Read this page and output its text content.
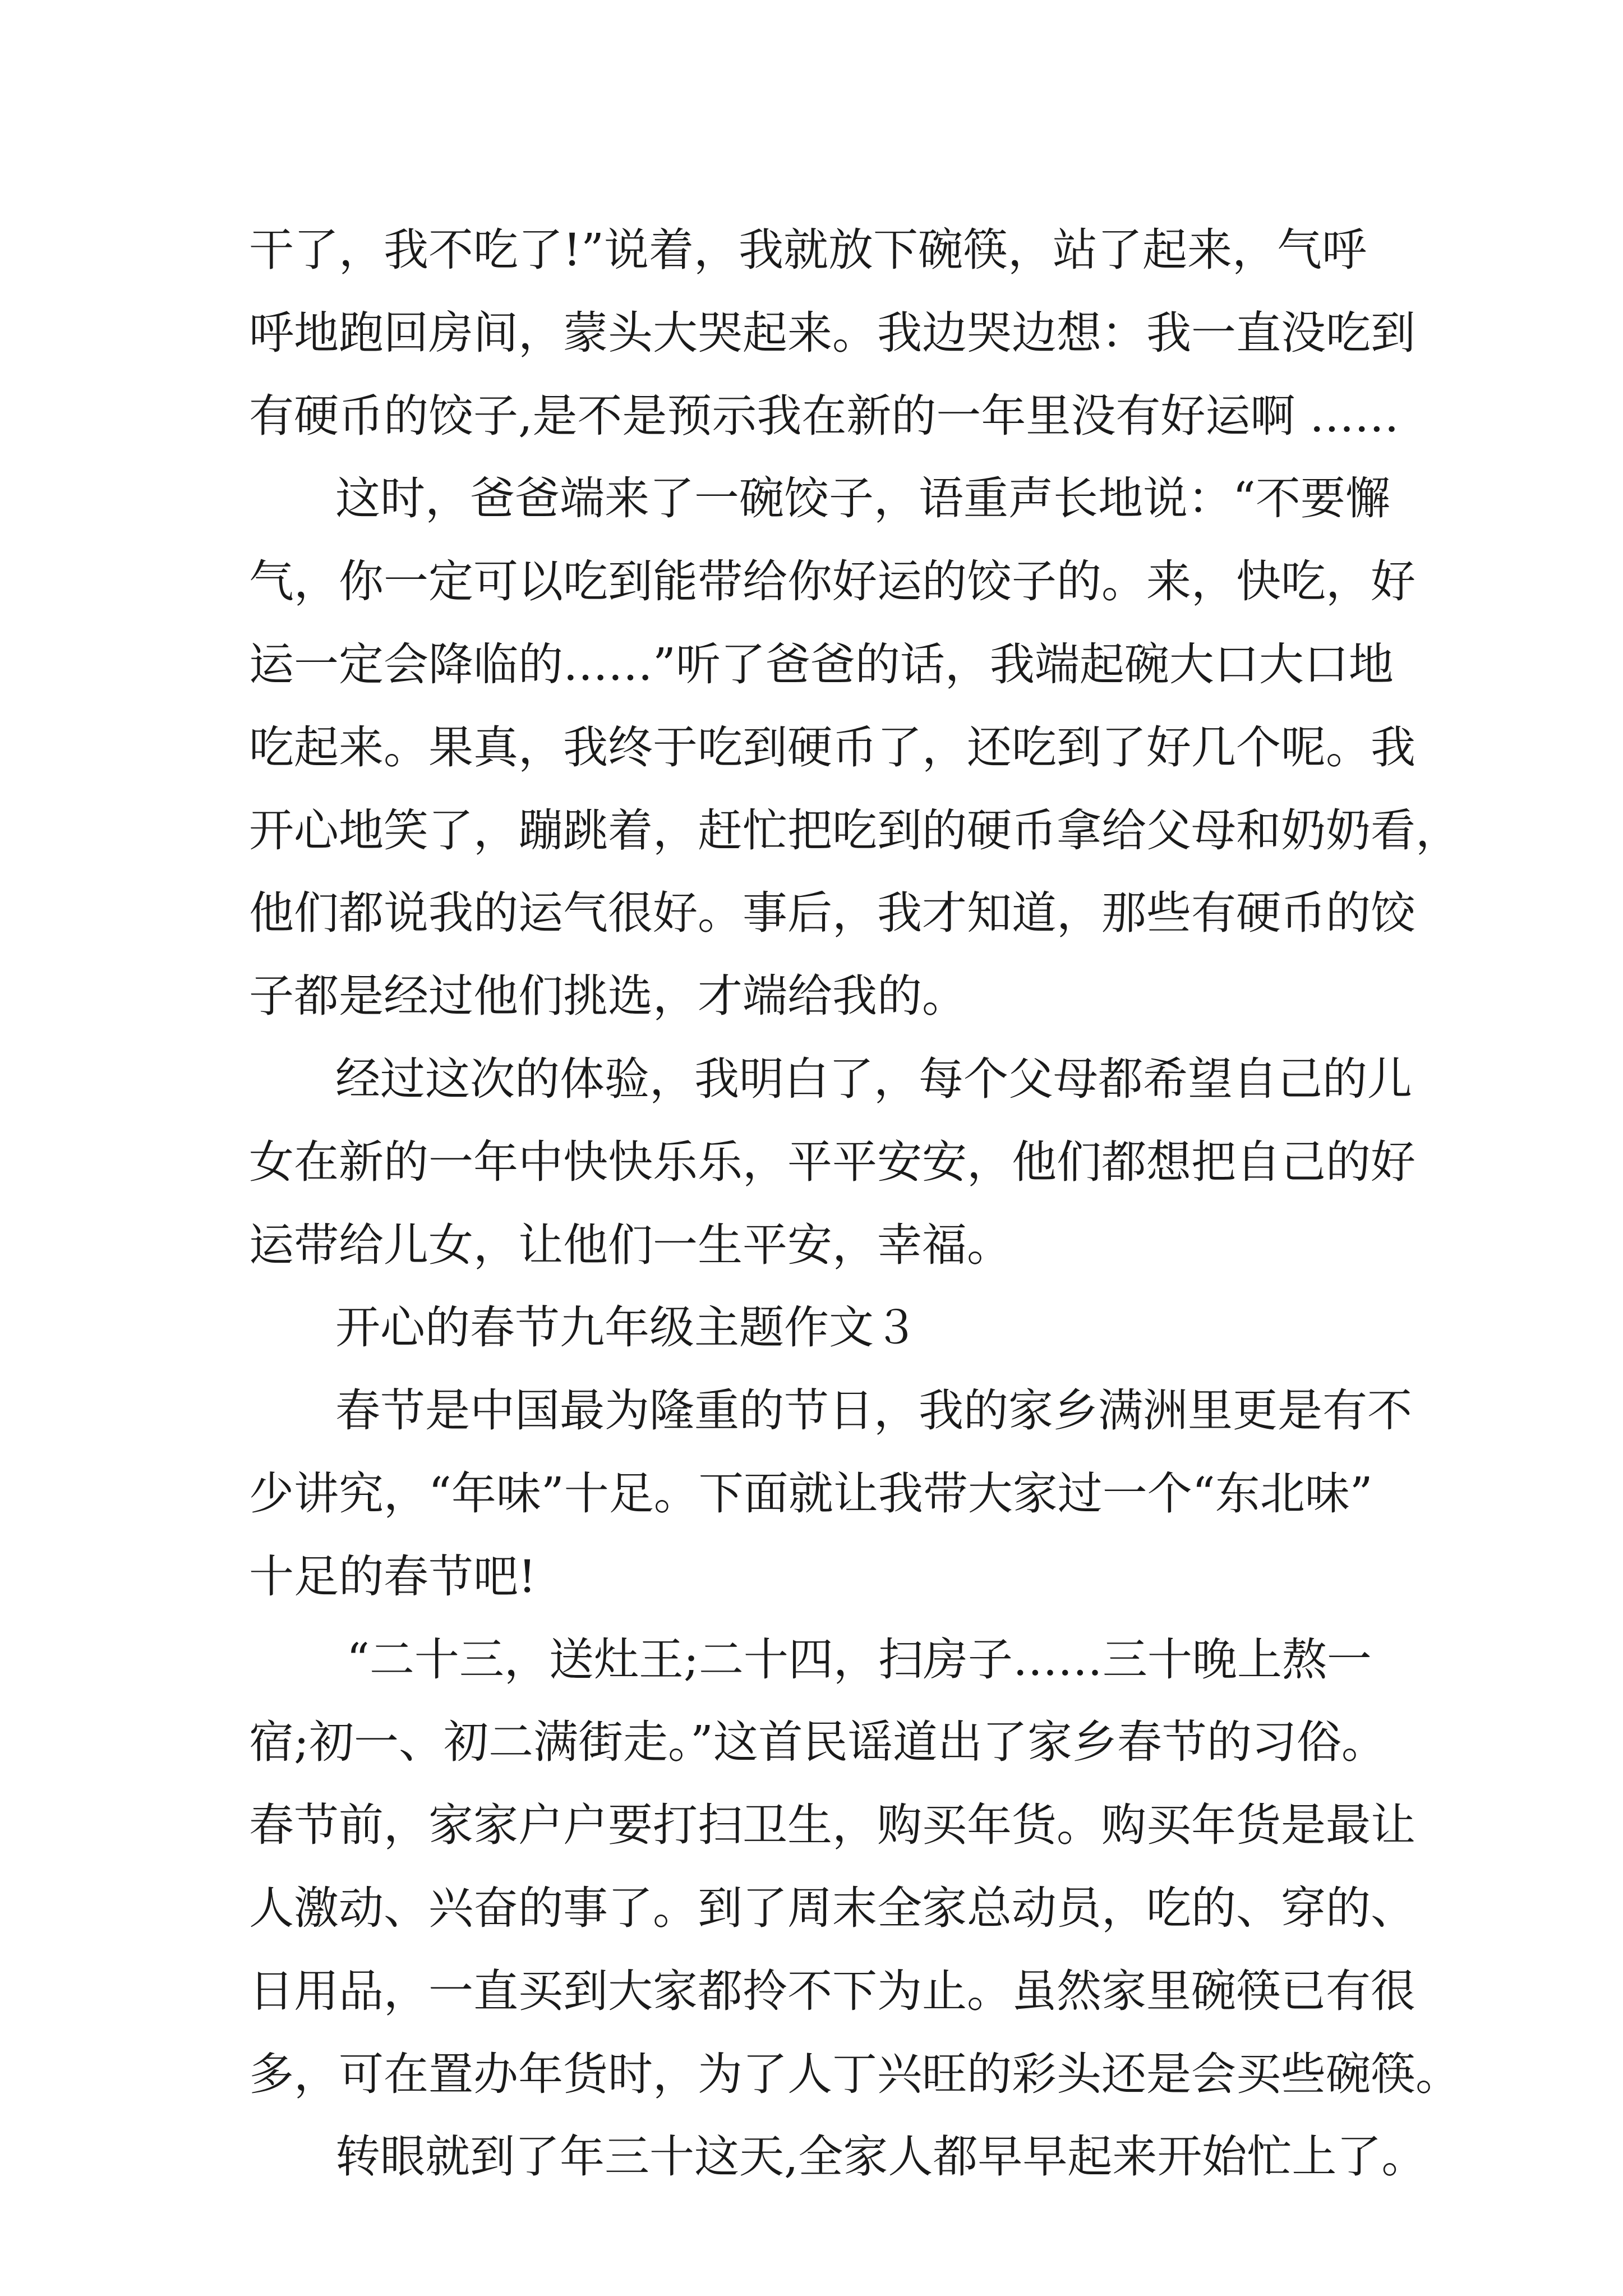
干了，我不吃了!”说着，我就放下碗筷，站了起来，气呼
呼地跑回房间，蒙头大哭起来。我边哭边想：我一直没吃到
有硬币的饺子,是不是预示我在新的一年里没有好运啊 ……
这时，爸爸端来了一碗饺子，语重声长地说：“不要懈
气，你一定可以吃到能带给你好运的饺子的。来，快吃，好
运一定会降临的……”听了爸爸的话，我端起碗大口大口地
吃起来。果真，我终于吃到硬币了，还吃到了好几个呢。我
开心地笑了，蹦跳着，赶忙把吃到的硬币拿给父母和奶奶看，
他们都说我的运气很好。事后，我才知道，那些有硬币的饺
子都是经过他们挑选，才端给我的。
经过这次的体验，我明白了，每个父母都希望自己的儿
女在新的一年中快快乐乐，平平安安，他们都想把自己的好
运带给儿女，让他们一生平安，幸福。
开心的春节九年级主题作文３
春节是中国最为隆重的节日，我的家乡满洲里更是有不
少讲究，“年味”十足。下面就让我带大家过一个“东北味”
十足的春节吧!
“二十三，送灶王;二十四，扫房子……三十晚上熬一
宿;初一、初二满街走。”这首民谣道出了家乡春节的习俗。
春节前，家家户户要打扫卫生，购买年货。购买年货是最让
人激动、兴奋的事了。到了周末全家总动员，吃的、穿的、
日用品，一直买到大家都拎不下为止。虽然家里碗筷已有很
多，可在置办年货时，为了人丁兴旺的彩头还是会买些碗筷。
转眼就到了年三十这天,全家人都早早起来开始忙上了。
